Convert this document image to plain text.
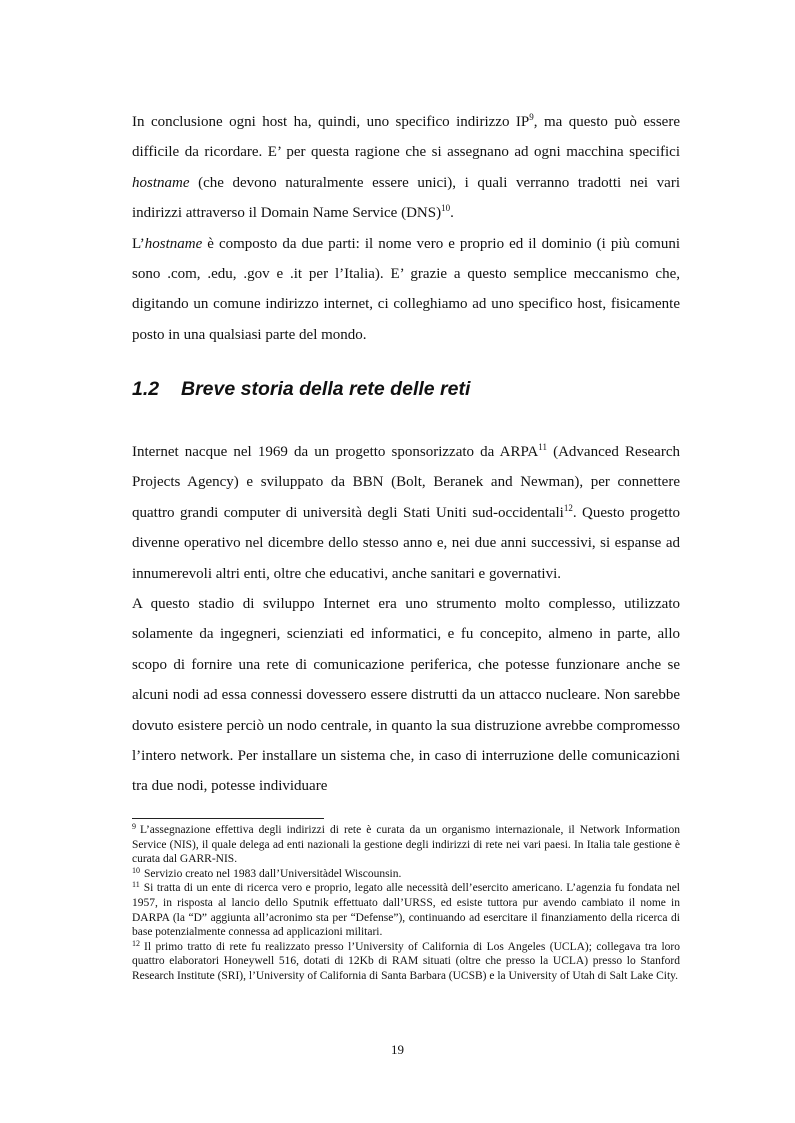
In conclusione ogni host ha, quindi, uno specifico indirizzo $IP^9$, ma questo può essere difficile da ricordare. E’ per questa ragione che si assegnano ad ogni macchina specifici hostname (che devono naturalmente essere unici), i quali verranno tradotti nei vari indirizzi attraverso il Domain Name Service (DNS)$^{10}$.

L’hostname è composto da due parti: il nome vero e proprio ed il dominio (i più comuni sono .com, .edu, .gov e .it per l’Italia). E’ grazie a questo semplice meccanismo che, digitando un comune indirizzo internet, ci colleghiamo ad uno specifico host, fisicamente posto in una qualsiasi parte del mondo.

1.2 Breve storia della rete delle reti

Internet nacque nel 1969 da un progetto sponsorizzato da ARPA$^{11}$ (Advanced Research Projects Agency) e sviluppato da BBN (Bolt, Beranek and Newman), per connettere quattro grandi computer di università degli Stati Uniti sud-occidentali$^{12}$. Questo progetto divenne operativo nel dicembre dello stesso anno e, nei due anni successivi, si espanse ad innumerevoli altri enti, oltre che educativi, anche sanitari e governativi.

A questo stadio di sviluppo Internet era uno strumento molto complesso, utilizzato solamente da ingegneri, scienziati ed informatici, e fu concepito, almeno in parte, allo scopo di fornire una rete di comunicazione periferica, che potesse funzionare anche se alcuni nodi ad essa connessi dovessero essere distrutti da un attacco nucleare. Non sarebbe dovuto esistere perciò un nodo centrale, in quanto la sua distruzione avrebbe compromesso l’intero network. Per installare un sistema che, in caso di interruzione delle comunicazioni tra due nodi, potesse individuare

$^9$ L’assegnazione effettiva degli indirizzi di rete è curata da un organismo internazionale, il Network Information Service (NIS), il quale delega ad enti nazionali la gestione degli indirizzi di rete nei vari paesi. In Italia tale gestione è curata dal GARR-NIS.

$^{10}$ Servizio creato nel 1983 dall’Universitàdel Wiscounsin.

$^{11}$ Si tratta di un ente di ricerca vero e proprio, legato alle necessità dell’esercito americano. L’agenzia fu fondata nel 1957, in risposta al lancio dello Sputnik effettuato dall’URSS, ed esiste tuttora pur avendo cambiato il nome in DARPA (la “D” aggiunta all’acronimo sta per “Defense”), continuando ad esercitare il finanziamento della ricerca di base potenzialmente connessa ad applicazioni militari.

$^{12}$ Il primo tratto di rete fu realizzato presso l’University of California di Los Angeles (UCLA); collegava tra loro quattro elaboratori Honeywell 516, dotati di 12Kb di RAM situati (oltre che presso la UCLA) presso lo Stanford Research Institute (SRI), l’University of California di Santa Barbara (UCSB) e la University of Utah di Salt Lake City.

19
